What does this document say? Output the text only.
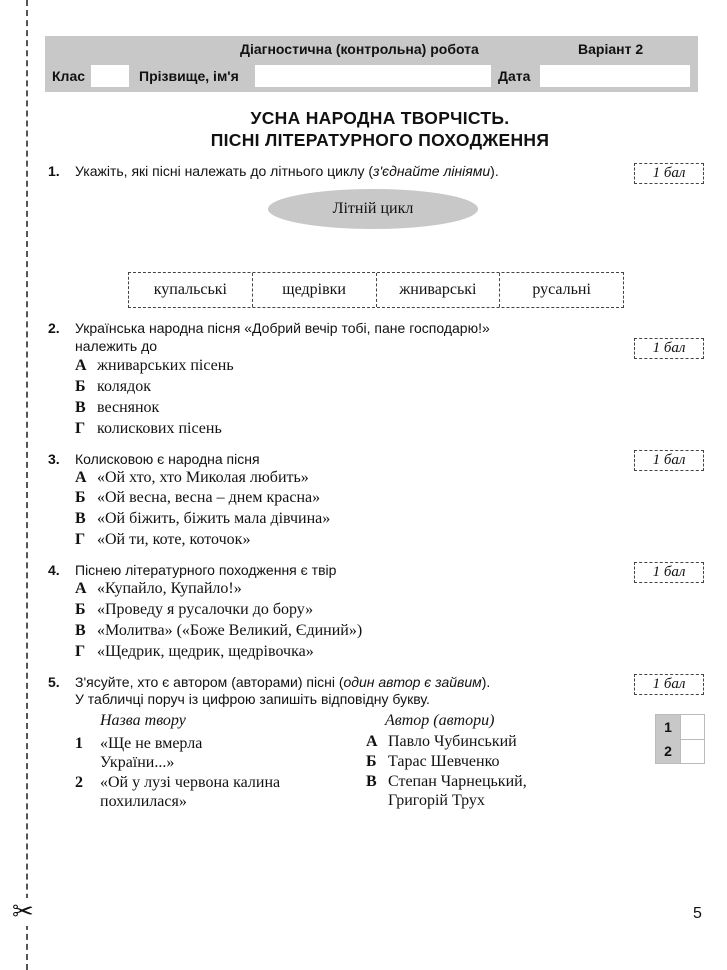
✂
Діагностична (контрольна) робота	Варіант 2
Клас	Прізвище, ім'я	Дата
УСНА НАРОДНА ТВОРЧІСТЬ.
ПІСНІ ЛІТЕРАТУРНОГО ПОХОДЖЕННЯ
1. Укажіть, які пісні належать до літнього циклу (з'єднайте лініями).	1 бал
Літній цикл
купальські	щедрівки	жниварські	русальні
2. Українська народна пісня «Добрий вечір тобі, пане господарю!»
належить до	1 бал
А жниварських пісень
Б колядок
В веснянок
Г колискових пісень
3. Колисковою є народна пісня	1 бал
А «Ой хто, хто Миколая любить»
Б «Ой весна, весна – днем красна»
В «Ой біжить, біжить мала дівчина»
Г «Ой ти, коте, коточок»
4. Піснею літературного походження є твір	1 бал
А «Купайло, Купайло!»
Б «Проведу я русалочки до бору»
В «Молитва» («Боже Великий, Єдиний»)
Г «Щедрик, щедрик, щедрівочка»
5. З'ясуйте, хто є автором (авторами) пісні (один автор є зайвим).
У табличці поруч із цифрою запишіть відповідну букву.
1 бал
Назва твору	Автор (автори)
1 «Ще не вмерла
України...»
2 «Ой у лузі червона калина
похилилася»
А Павло Чубинський
Б Тарас Шевченко
В Степан Чарнецький,
Григорій Трух
1
2
5
